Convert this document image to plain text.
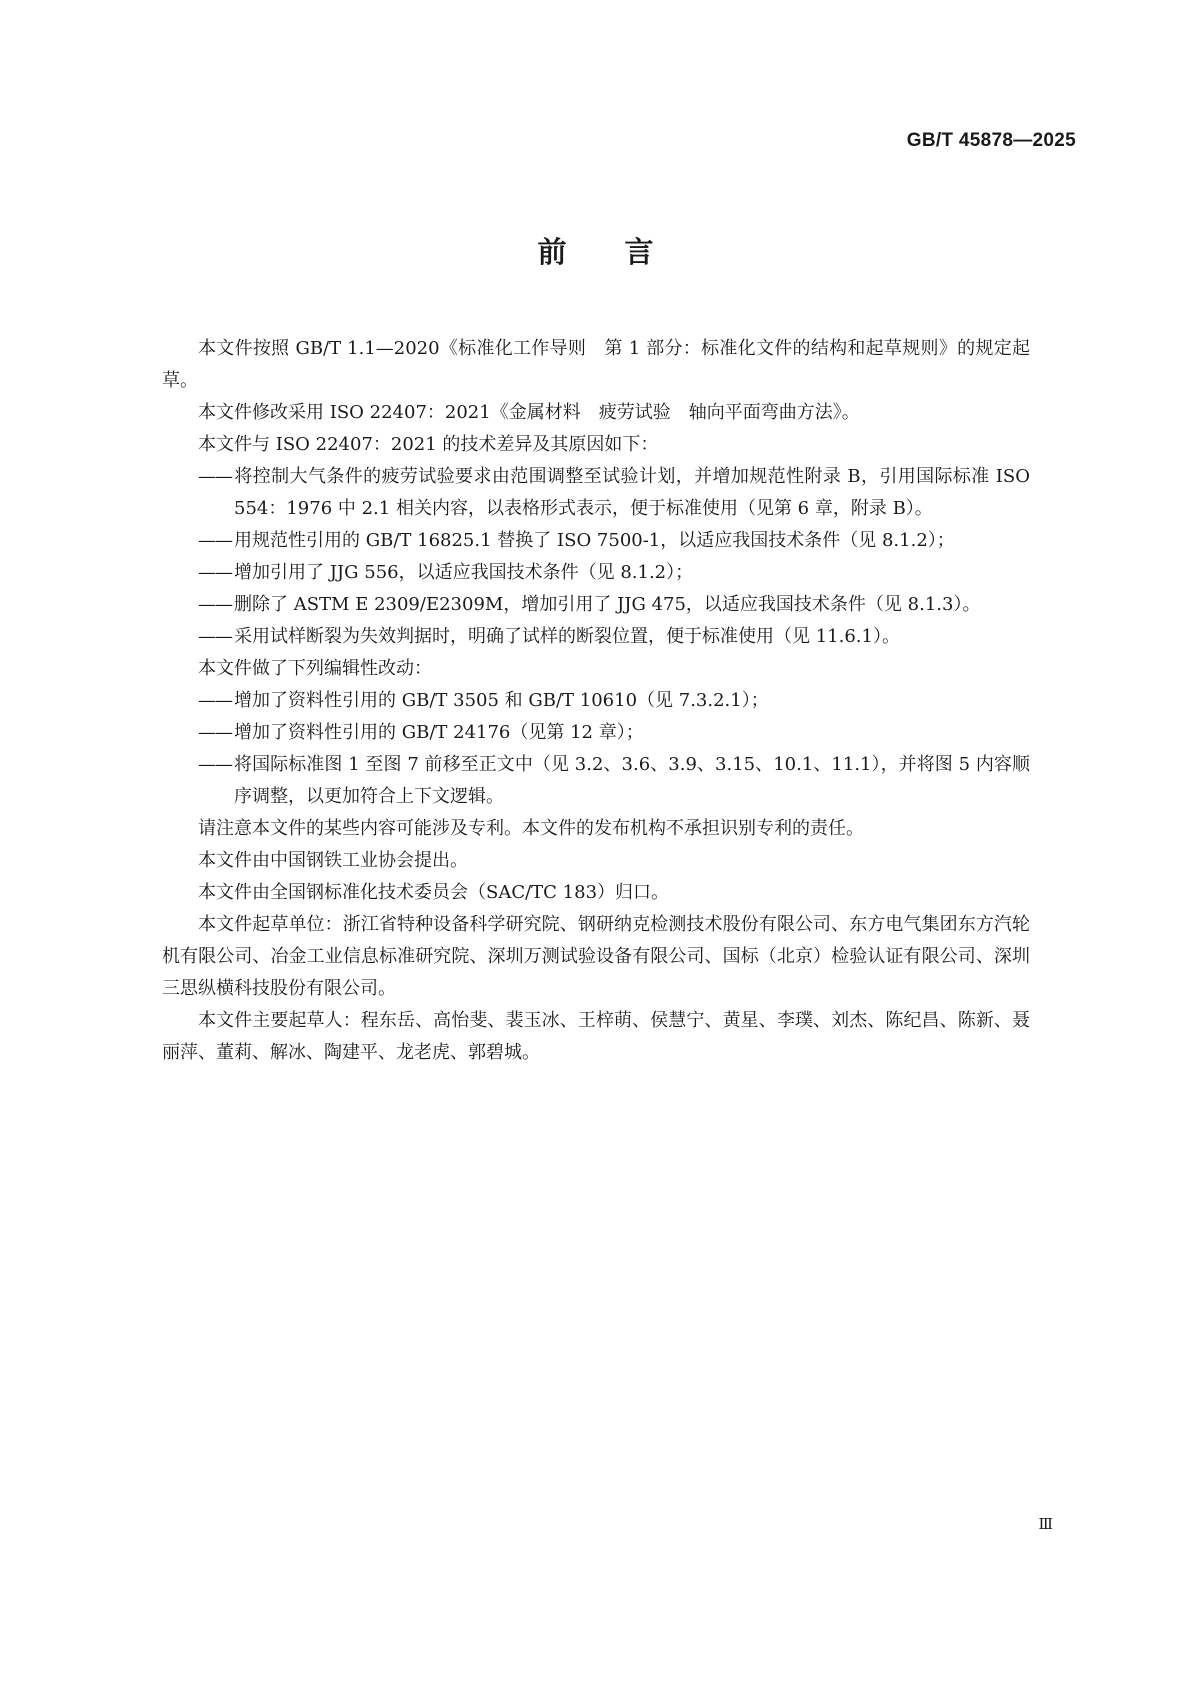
GB/T 45878—2025
前言

本文件按照 GB/T 1.1—2020《标准化工作导则　第 1 部分：标准化文件的结构和起草规则》的规定起草。

本文件修改采用 ISO 22407：2021《金属材料　疲劳试验　轴向平面弯曲方法》。

本文件与 ISO 22407：2021 的技术差异及其原因如下：

—— 将控制大气条件的疲劳试验要求由范围调整至试验计划，并增加规范性附录 B，引用国际标准 ISO 554：1976 中 2.1 相关内容，以表格形式表示，便于标准使用（见第 6 章，附录 B）。

—— 用规范性引用的 GB/T 16825.1 替换了 ISO 7500-1，以适应我国技术条件（见 8.1.2）；

—— 增加引用了 JJG 556，以适应我国技术条件（见 8.1.2）；

—— 删除了 ASTM E 2309/E2309M，增加引用了 JJG 475，以适应我国技术条件（见 8.1.3）。

—— 采用试样断裂为失效判据时，明确了试样的断裂位置，便于标准使用（见 11.6.1）。

本文件做了下列编辑性改动：

—— 增加了资料性引用的 GB/T 3505 和 GB/T 10610（见 7.3.2.1）；

—— 增加了资料性引用的 GB/T 24176（见第 12 章）；

—— 将国际标准图 1 至图 7 前移至正文中（见 3.2、3.6、3.9、3.15、10.1、11.1），并将图 5 内容顺序调整，以更加符合上下文逻辑。

请注意本文件的某些内容可能涉及专利。本文件的发布机构不承担识别专利的责任。

本文件由中国钢铁工业协会提出。

本文件由全国钢标准化技术委员会（SAC/TC 183）归口。

本文件起草单位：浙江省特种设备科学研究院、钢研纳克检测技术股份有限公司、东方电气集团东方汽轮机有限公司、冶金工业信息标准研究院、深圳万测试验设备有限公司、国标（北京）检验认证有限公司、深圳三思纵横科技股份有限公司。

本文件主要起草人：程东岳、高怡斐、裴玉冰、王梓萌、侯慧宁、黄星、李璞、刘杰、陈纪昌、陈新、聂丽萍、董莉、解冰、陶建平、龙老虎、郭碧城。

Ⅲ
